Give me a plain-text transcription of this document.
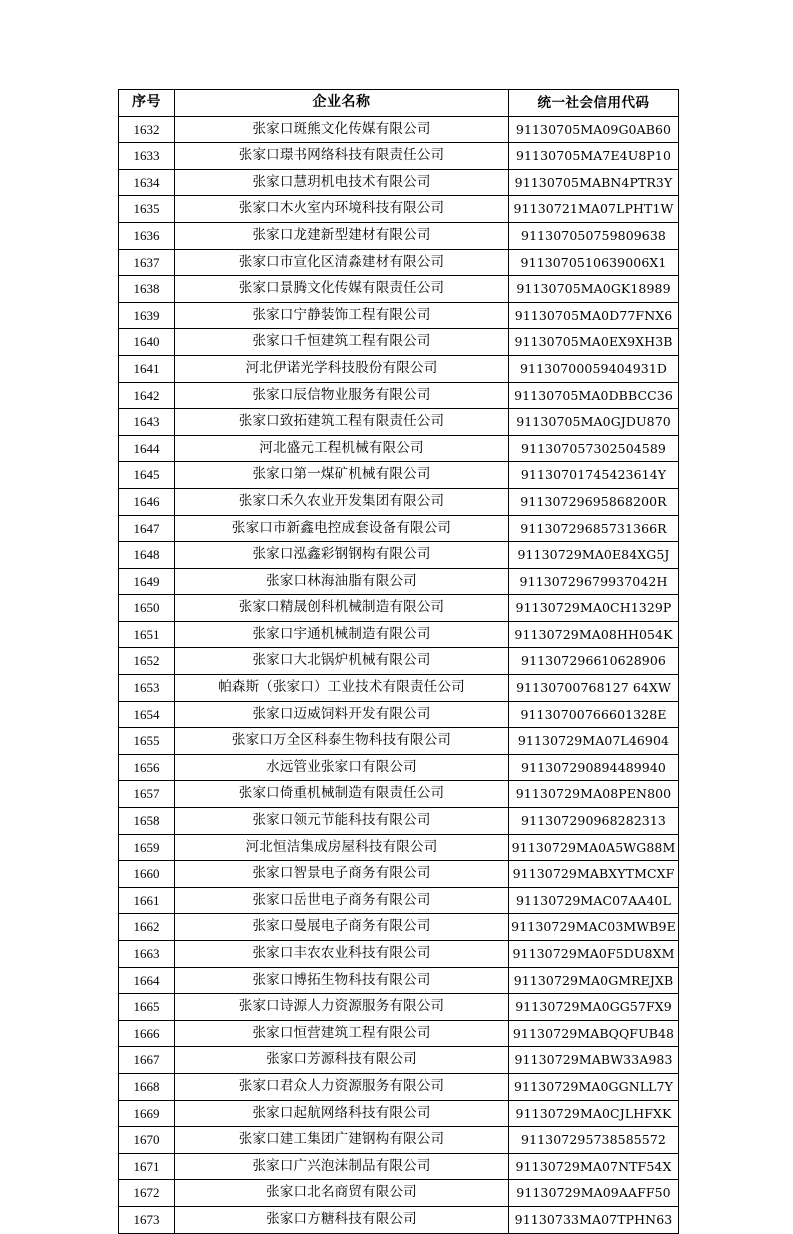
序号	企业名称	统一社会信用代码
1632	张家口斑熊文化传媒有限公司	91130705MA09G0AB60
1633	张家口璟书网络科技有限责任公司	91130705MA7E4U8P10
1634	张家口慧玥机电技术有限公司	91130705MABN4PTR3Y
1635	张家口木火室内环境科技有限公司	91130721MA07LPHT1W
1636	张家口龙建新型建材有限公司	911307050759809638
1637	张家口市宣化区清淼建材有限公司	9113070510639006X1
1638	张家口景腾文化传媒有限责任公司	91130705MA0GK18989
1639	张家口宁静装饰工程有限公司	91130705MA0D77FNX6
1640	张家口千恒建筑工程有限公司	91130705MA0EX9XH3B
1641	河北伊诺光学科技股份有限公司	91130700059404931D
1642	张家口辰信物业服务有限公司	91130705MA0DBBCC36
1643	张家口致拓建筑工程有限责任公司	91130705MA0GJDU870
1644	河北盛元工程机械有限公司	911307057302504589
1645	张家口第一煤矿机械有限公司	91130701745423614Y
1646	张家口禾久农业开发集团有限公司	91130729695868200R
1647	张家口市新鑫电控成套设备有限公司	91130729685731366R
1648	张家口泓鑫彩钢钢构有限公司	91130729MA0E84XG5J
1649	张家口林海油脂有限公司	91130729679937042H
1650	张家口精晟创科机械制造有限公司	91130729MA0CH1329P
1651	张家口宇通机械制造有限公司	91130729MA08HH054K
1652	张家口大北锅炉机械有限公司	911307296610628906
1653	帕森斯（张家口）工业技术有限责任公司	91130700768127 64XW
1654	张家口迈威饲料开发有限公司	91130700766601328E
1655	张家口万全区科泰生物科技有限公司	91130729MA07L46904
1656	水远管业张家口有限公司	911307290894489940
1657	张家口倚重机械制造有限责任公司	91130729MA08PEN800
1658	张家口领元节能科技有限公司	911307290968282313
1659	河北恒洁集成房屋科技有限公司	91130729MA0A5WG88M
1660	张家口智景电子商务有限公司	91130729MABXYTMCXF
1661	张家口岳世电子商务有限公司	91130729MAC07AA40L
1662	张家口曼展电子商务有限公司	91130729MAC03MWB9E
1663	张家口丰农农业科技有限公司	91130729MA0F5DU8XM
1664	张家口博拓生物科技有限公司	91130729MA0GMREJXB
1665	张家口诗源人力资源服务有限公司	91130729MA0GG57FX9
1666	张家口恒营建筑工程有限公司	91130729MABQQFUB48
1667	张家口芳源科技有限公司	91130729MABW33A983
1668	张家口君众人力资源服务有限公司	91130729MA0GGNLL7Y
1669	张家口起航网络科技有限公司	91130729MA0CJLHFXK
1670	张家口建工集团广建钢构有限公司	911307295738585572
1671	张家口广兴泡沫制品有限公司	91130729MA07NTF54X
1672	张家口北名商贸有限公司	91130729MA09AAFF50
1673	张家口方糖科技有限公司	91130733MA07TPHN63
